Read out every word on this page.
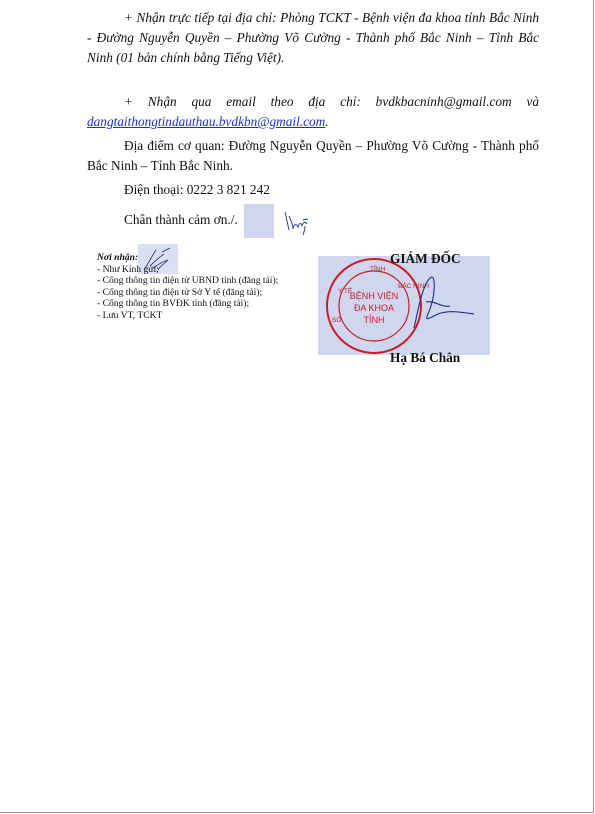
+ Nhận trực tiếp tại địa chỉ: Phòng TCKT - Bệnh viện đa khoa tỉnh Bắc Ninh - Đường Nguyễn Quyền – Phường Võ Cường - Thành phố Bắc Ninh – Tỉnh Bắc Ninh (01 bản chính bằng Tiếng Việt).
+ Nhận qua email theo địa chỉ: bvdkbacninh@gmail.com và dangtaithongtindauthau.bvdkbn@gmail.com.
Địa điểm cơ quan: Đường Nguyễn Quyền – Phường Võ Cường - Thành phố Bắc Ninh – Tỉnh Bắc Ninh.
Điện thoại: 0222 3 821 242
Chân thành cảm ơn./.
Nơi nhận:
- Như Kính gửi;
- Cổng thông tin điện tử UBND tỉnh (đăng tải);
- Cổng thông tin điện tử Sở Y tế (đăng tải);
- Cổng thông tin BVĐK tỉnh (đăng tải);
- Lưu VT, TCKT
Y TẾ
TỈNH
BẮC NINH
SỞ
BỆNH VIỆN
ĐA KHOA
TỈNH
GIÁM ĐỐC
Hạ Bá Chân
